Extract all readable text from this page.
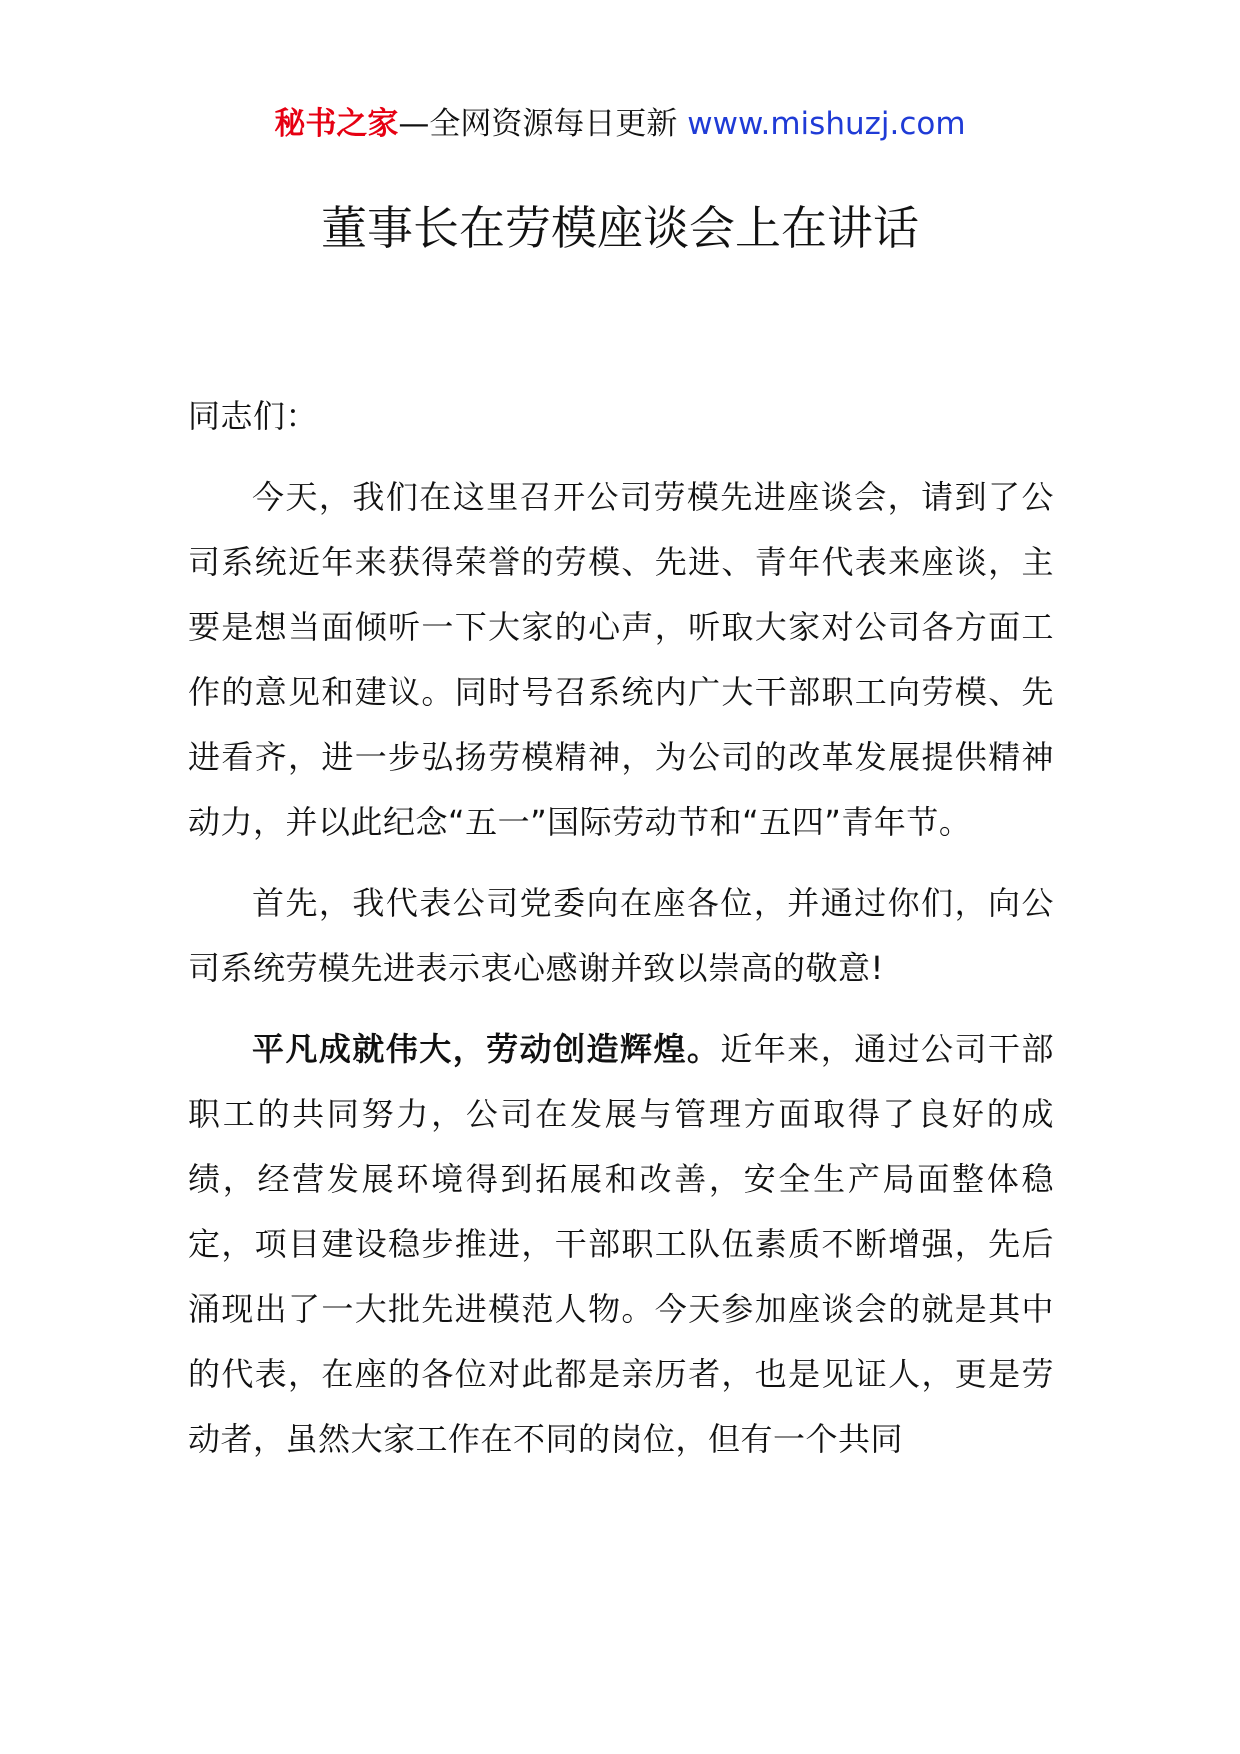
秘书之家—全网资源每日更新 www.mishuzj.com
董事长在劳模座谈会上在讲话

同志们：

今天，我们在这里召开公司劳模先进座谈会，请到了公司系统近年来获得荣誉的劳模、先进、青年代表来座谈，主要是想当面倾听一下大家的心声，听取大家对公司各方面工作的意见和建议。同时号召系统内广大干部职工向劳模、先进看齐，进一步弘扬劳模精神，为公司的改革发展提供精神动力，并以此纪念“五一”国际劳动节和“五四”青年节。

首先，我代表公司党委向在座各位，并通过你们，向公司系统劳模先进表示衷心感谢并致以崇高的敬意!

平凡成就伟大，劳动创造辉煌。近年来，通过公司干部职工的共同努力，公司在发展与管理方面取得了良好的成绩，经营发展环境得到拓展和改善，安全生产局面整体稳定，项目建设稳步推进，干部职工队伍素质不断增强，先后涌现出了一大批先进模范人物。今天参加座谈会的就是其中的代表，在座的各位对此都是亲历者，也是见证人，更是劳动者，虽然大家工作在不同的岗位，但有一个共同
